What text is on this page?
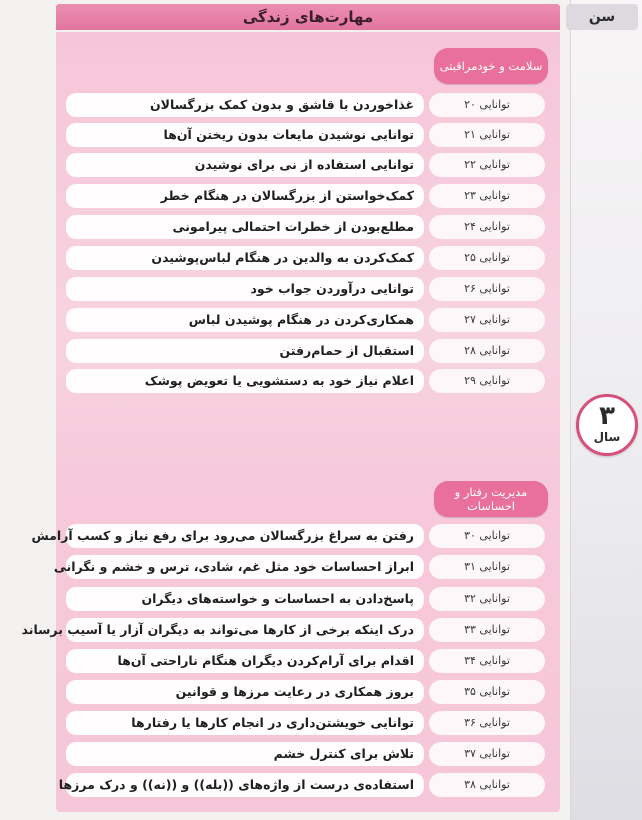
سن
۳
سال
مهارت‌های زندگی
سلامت و خودمراقبتی
توانایی ۲۰
غذاخوردن با قاشق و بدون کمک بزرگسالان
توانایی ۲۱
توانایی نوشیدن مایعات بدون ریختن آن‌ها
توانایی ۲۲
توانایی استفاده از نی برای نوشیدن
توانایی ۲۳
کمک‌خواستن از بزرگسالان در هنگام خطر
توانایی ۲۴
مطلع‌بودن از خطرات احتمالی پیرامونی
توانایی ۲۵
کمک‌کردن به والدین در هنگام لباس‌پوشیدن
توانایی ۲۶
توانایی درآوردن جواب خود
توانایی ۲۷
همکاری‌کردن در هنگام پوشیدن لباس
توانایی ۲۸
استقبال از حمام‌رفتن
توانایی ۲۹
اعلام نیاز خود به دستشویی یا تعویض پوشک
مدیریت رفتار و احساسات
توانایی ۳۰
رفتن به سراغ بزرگسالان می‌رود برای رفع نیاز و کسب آرامش
توانایی ۳۱
ابراز احساسات خود مثل غم، شادی، ترس و خشم و نگرانی
توانایی ۳۲
پاسخ‌دادن به احساسات و خواسته‌های دیگران
توانایی ۳۳
درک اینکه برخی از کارها می‌تواند به دیگران آزار یا آسیب برساند
توانایی ۳۴
اقدام برای آرام‌کردن دیگران هنگام ناراحتی آن‌ها
توانایی ۳۵
بروز همکاری در رعایت مرزها و قوانین
توانایی ۳۶
توانایی خویشتن‌داری در انجام کارها یا رفتارها
توانایی ۳۷
تلاش برای کنترل خشم
توانایی ۳۸
استفاده‌ی درست از واژه‌های ((بله)) و ((نه)) و درک مرزها
